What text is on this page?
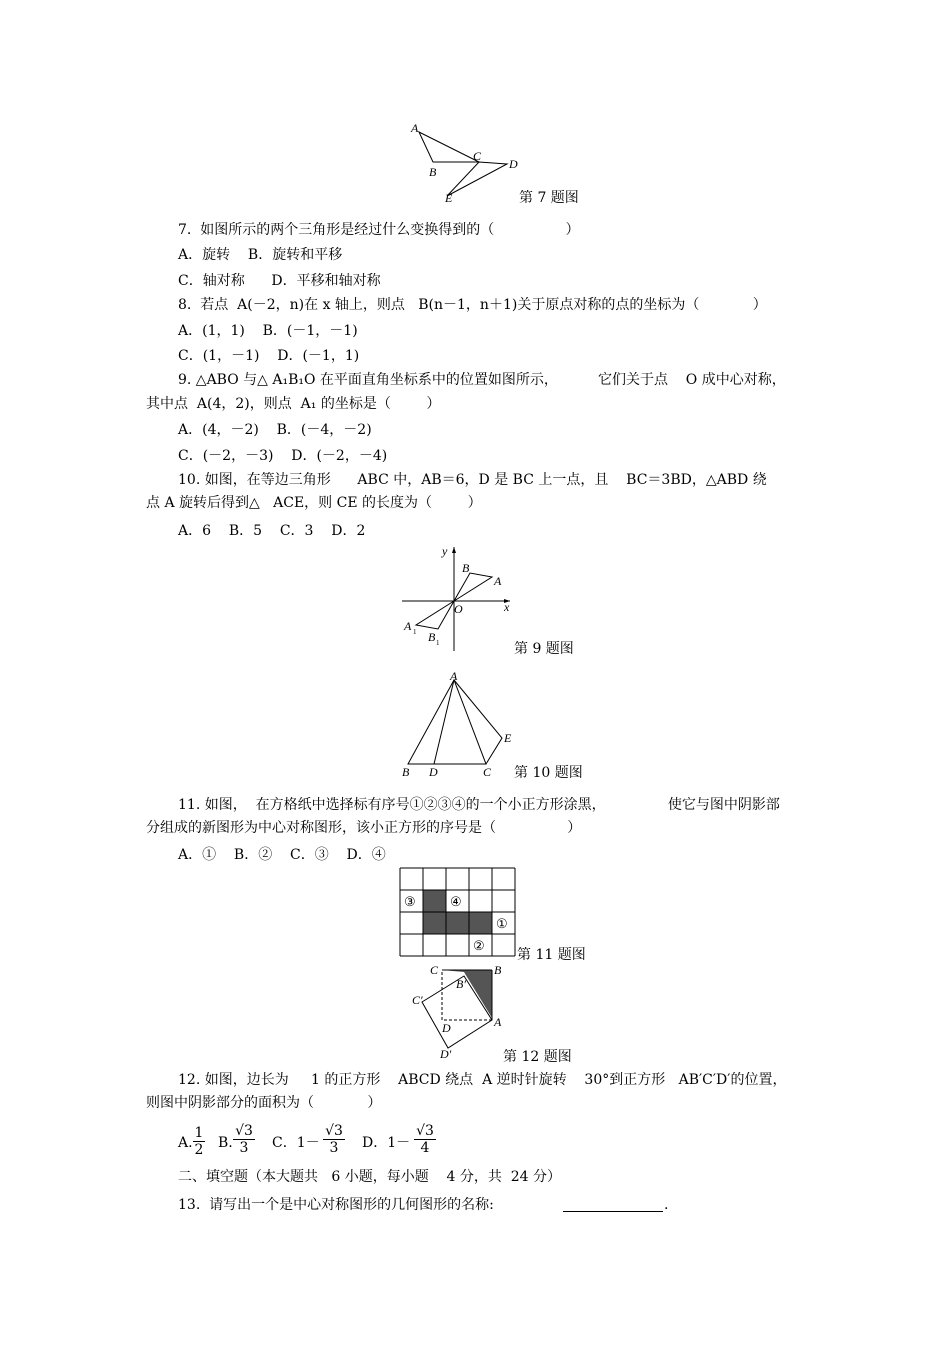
A
B
C
D
E	第 7 题图
7.  如图所示的两个三角形是经过什么变换得到的（                ）
A．旋转    B．旋转和平移
C．轴对称      D．平移和轴对称
8.  若点  A(－2，n)在 x 轴上，则点   B(n－1，n＋1)关于原点对称的点的坐标为（            ）
A．(1，1)    B．(－1，－1)
C．(1，－1)    D．(－1，1)
9. △ABO 与△ A₁B₁O 在平面直角坐标系中的位置如图所示，         它们关于点    O 成中心对称，
其中点  A(4，2)，则点  A₁ 的坐标是（        ）
A．(4，－2)    B．(－4，－2)
C．(－2，－3)    D．(－2，－4)
10. 如图，在等边三角形      ABC 中，AB＝6，D 是 BC 上一点，且    BC＝3BD，△ABD 绕
点 A 旋转后得到△   ACE，则 CE 的长度为（        ）
A．6    B．5    C．3    D．2
y
x
O
A
B
A 1 B 1	第 9 题图
A
B D	C
E
第 10 题图
11. 如图，  在方格纸中选择标有序号①②③④的一个小正方形涂黑，              使它与图中阴影部
分组成的新图形为中心对称图形，该小正方形的序号是（                ）
A．①    B．②    C．③    D．④
③	④
①
②
第 11 题图
C	B
B′
C′
D	A
D′	第 12 题图
12. 如图，边长为     1 的正方形    ABCD 绕点  A 逆时针旋转    30°到正方形   AB′C′D′的位置，
则图中阴影部分的面积为（            ）
A. $\frac{1}{2} B$. $\frac{√3}{3}$ C．$1- \frac{√3}{3}$ D．$1- \frac{√3}{4}$
二、填空题（本大题共   6 小题，每小题    4 分，共  24 分）
13.  请写出一个是中心对称图形的几何图形的名称:	.
